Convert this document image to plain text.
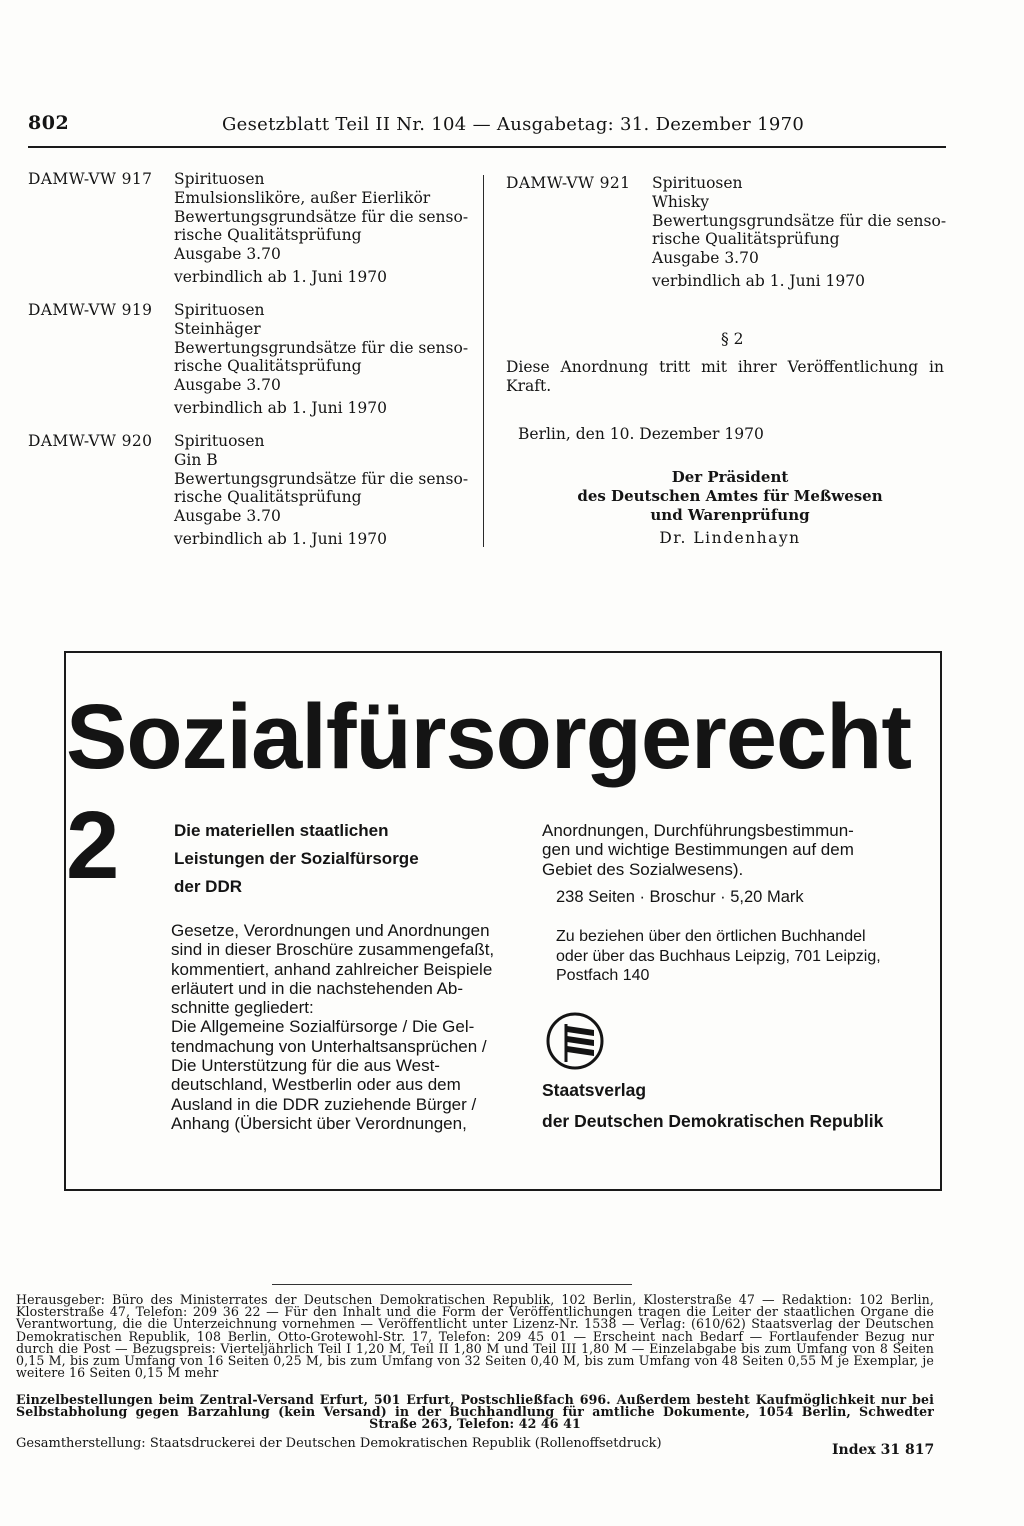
802	Gesetzblatt Teil II Nr. 104 — Ausgabetag: 31. Dezember 1970
DAMW-VW 917 Spirituosen
Emulsionsliköre, außer Eierlikör
Bewertungsgrundsätze für die senso-
rische Qualitätsprüfung
Ausgabe 3.70
verbindlich ab 1. Juni 1970
DAMW-VW 919 Spirituosen
Steinhäger
Bewertungsgrundsätze für die senso-
rische Qualitätsprüfung
Ausgabe 3.70
verbindlich ab 1. Juni 1970
DAMW-VW 920 Spirituosen
Gin B
Bewertungsgrundsätze für die senso-
rische Qualitätsprüfung
Ausgabe 3.70
verbindlich ab 1. Juni 1970
DAMW-VW 921 Spirituosen
Whisky
Bewertungsgrundsätze für die senso-
rische Qualitätsprüfung
Ausgabe 3.70
verbindlich ab 1. Juni 1970
§ 2
Diese Anordnung tritt mit ihrer Veröffentlichung in Kraft.
Berlin, den 10. Dezember 1970
Der Präsident
des Deutschen Amtes für Meßwesen
und Warenprüfung
Dr. Lindenhayn
Sozialfürsorgerecht
2	Die materiellen staatlichen
Leistungen der Sozialfürsorge
der DDR
Gesetze, Verordnungen und Anordnungen
sind in dieser Broschüre zusammengefaßt,
kommentiert, anhand zahlreicher Beispiele
erläutert und in die nachstehenden Ab-
schnitte gegliedert:
Die Allgemeine Sozialfürsorge / Die Gel-
tendmachung von Unterhaltsansprüchen /
Die Unterstützung für die aus West-
deutschland, Westberlin oder aus dem
Ausland in die DDR zuziehende Bürger /
Anhang (Übersicht über Verordnungen,
Anordnungen, Durchführungsbestimmun-
gen und wichtige Bestimmungen auf dem
Gebiet des Sozialwesens).
238 Seiten · Broschur · 5,20 Mark
Zu beziehen über den örtlichen Buchhandel
oder über das Buchhaus Leipzig, 701 Leipzig,
Postfach 140
Staatsverlag
der Deutschen Demokratischen Republik
Herausgeber: Büro des Ministerrates der Deutschen Demokratischen Republik, 102 Berlin, Klosterstraße 47 — Redaktion: 102 Berlin, Klosterstraße 47, Telefon: 209 36 22 — Für den Inhalt und die Form der Veröffentlichungen tragen die Leiter der staatlichen Organe die Verantwortung, die die Unterzeichnung vornehmen — Veröffentlicht unter Lizenz-Nr. 1538 — Verlag: (610/62) Staatsverlag der Deutschen Demokratischen Republik, 108 Berlin, Otto-Grotewohl-Str. 17, Telefon: 209 45 01 — Erscheint nach Bedarf — Fortlaufender Bezug nur durch die Post — Bezugspreis: Vierteljährlich Teil I 1,20 M, Teil II 1,80 M und Teil III 1,80 M — Einzelabgabe bis zum Umfang von 8 Seiten 0,15 M, bis zum Umfang von 16 Seiten 0,25 M, bis zum Umfang von 32 Seiten 0,40 M, bis zum Umfang von 48 Seiten 0,55 M je Exemplar, je weitere 16 Seiten 0,15 M mehr
Einzelbestellungen beim Zentral-Versand Erfurt, 501 Erfurt, Postschließfach 696. Außerdem besteht Kaufmöglichkeit nur bei Selbstabholung gegen Barzahlung (kein Versand) in der Buchhandlung für amtliche Dokumente, 1054 Berlin, Schwedter Straße 263, Telefon: 42 46 41
Gesamtherstellung: Staatsdruckerei der Deutschen Demokratischen Republik (Rollenoffsetdruck)	Index 31 817
